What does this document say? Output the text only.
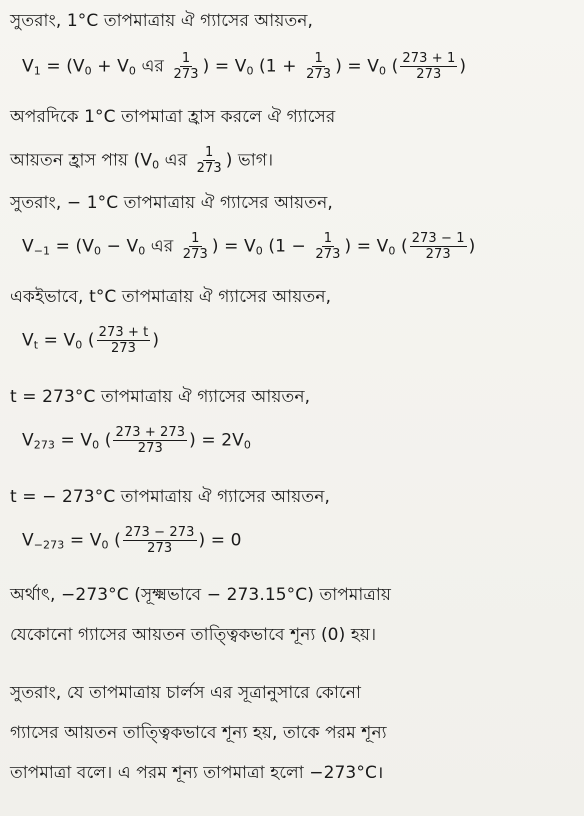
সুতরাং, 1°C তাপমাত্রায় ঐ গ্যাসের আয়তন,
$V_1 = (V_0 + V_0$ এর $\frac{1}{273}$ ) = $V_0$ ($1 + \frac{1}{273}$ ) = $V_0$ ( $\frac{273 + 1}{273}$ )
অপরদিকে 1°C তাপমাত্রা হ্রাস করলে ঐ গ্যাসের
আয়তন হ্রাস পায় ($V_0$ এর $\frac{1}{273}$ ) ভাগ।
সুতরাং, − 1°C তাপমাত্রায় ঐ গ্যাসের আয়তন,
$V_{-1} = (V_0 - V_0$ এর $\frac{1}{273}$ ) = $V_0$ ($1 - \frac{1}{273}$ ) = $V_0$ ( $\frac{273 - 1}{273}$ )
একইভাবে, t°C তাপমাত্রায় ঐ গ্যাসের আয়তন,
$V_t = V_0$ ( $\frac{273 + t}{273}$ )
t = 273°C তাপমাত্রায় ঐ গ্যাসের আয়তন,
$V_{273} = V_0$ ( $\frac{273 + 273}{273}$ ) = $2V_0$
t = − 273°C তাপমাত্রায় ঐ গ্যাসের আয়তন,
$V_{-273} = V_0$ ( $\frac{273 - 273}{273}$ ) = 0
অর্থাৎ, −273°C (সূক্ষ্মভাবে − 273.15°C) তাপমাত্রায়
যেকোনো গ্যাসের আয়তন তাত্ত্বিকভাবে শূন্য (0) হয়।
সুতরাং, যে তাপমাত্রায় চার্লস এর সূত্রানুসারে কোনো
গ্যাসের আয়তন তাত্ত্বিকভাবে শূন্য হয়, তাকে পরম শূন্য
তাপমাত্রা বলে। এ পরম শূন্য তাপমাত্রা হলো −273°C।
